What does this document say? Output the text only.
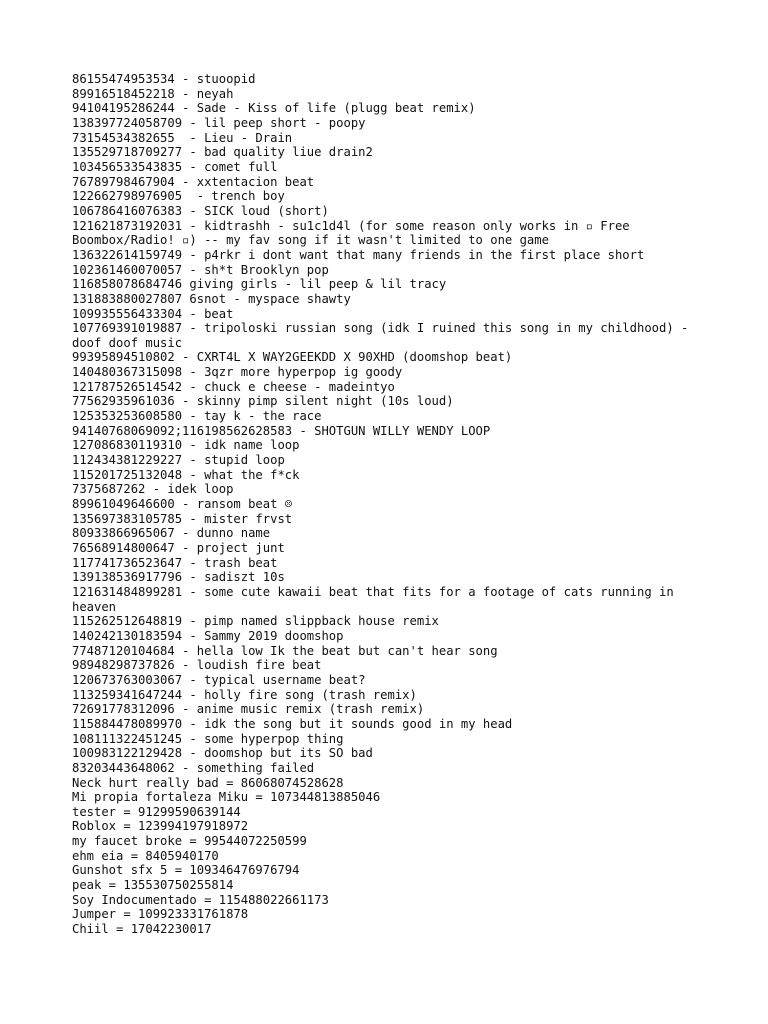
86155474953534 - stuoopid
89916518452218 - neyah
94104195286244 - Sade - Kiss of life (plugg beat remix)
138397724058709 - lil peep short - poopy
73154534382655  - Lieu - Drain
135529718709277 - bad quality liue drain2
103456533543835 - comet full
76789798467904 - xxtentacion beat
122662798976905  - trench boy
106786416076383 - SICK loud (short)
121621873192031 - kidtrashh - su1c1d4l (for some reason only works in ▫ Free Boombox/Radio! ▫) -- my fav song if it wasn't limited to one game
136322614159749 - p4rkr i dont want that many friends in the first place short
102361460070057 - sh*t Brooklyn pop
116858078684746 giving girls - lil peep & lil tracy
131883880027807 6snot - myspace shawty
109935556433304 - beat
107769391019887 - tripoloski russian song (idk I ruined this song in my childhood) - doof doof music
99395894510802 - CXRT4L X WAY2GEEKDD X 90XHD (doomshop beat)
140480367315098 - 3qzr more hyperpop ig goody
121787526514542 - chuck e cheese - madeintyo
77562935961036 - skinny pimp silent night (10s loud)
125353253608580 - tay k - the race
94140768069092;116198562628583 - SHOTGUN WILLY WENDY LOOP
127086830119310 - idk name loop
112434381229227 - stupid loop
115201725132048 - what the f*ck
7375687262 - idek loop
89961049646600 - ransom beat ☹
135697383105785 - mister frvst
80933866965067 - dunno name
76568914800647 - project junt
117741736523647 - trash beat
139138536917796 - sadiszt 10s
121631484899281 - some cute kawaii beat that fits for a footage of cats running in heaven
115262512648819 - pimp named slippback house remix
140242130183594 - Sammy 2019 doomshop
77487120104684 - hella low Ik the beat but can't hear song
98948298737826 - loudish fire beat
120673763003067 - typical username beat?
113259341647244 - holly fire song (trash remix)
72691778312096 - anime music remix (trash remix)
115884478089970 - idk the song but it sounds good in my head
108111322451245 - some hyperpop thing
100983122129428 - doomshop but its SO bad
83203443648062 - something failed
Neck hurt really bad = 86068074528628
Mi propia fortaleza Miku = 107344813885046
tester = 91299590639144
Roblox = 123994197918972
my faucet broke = 99544072250599
ehm eia = 8405940170
Gunshot sfx 5 = 109346476976794
peak = 135530750255814
Soy Indocumentado = 115488022661173
Jumper = 109923331761878
Chiil = 17042230017
